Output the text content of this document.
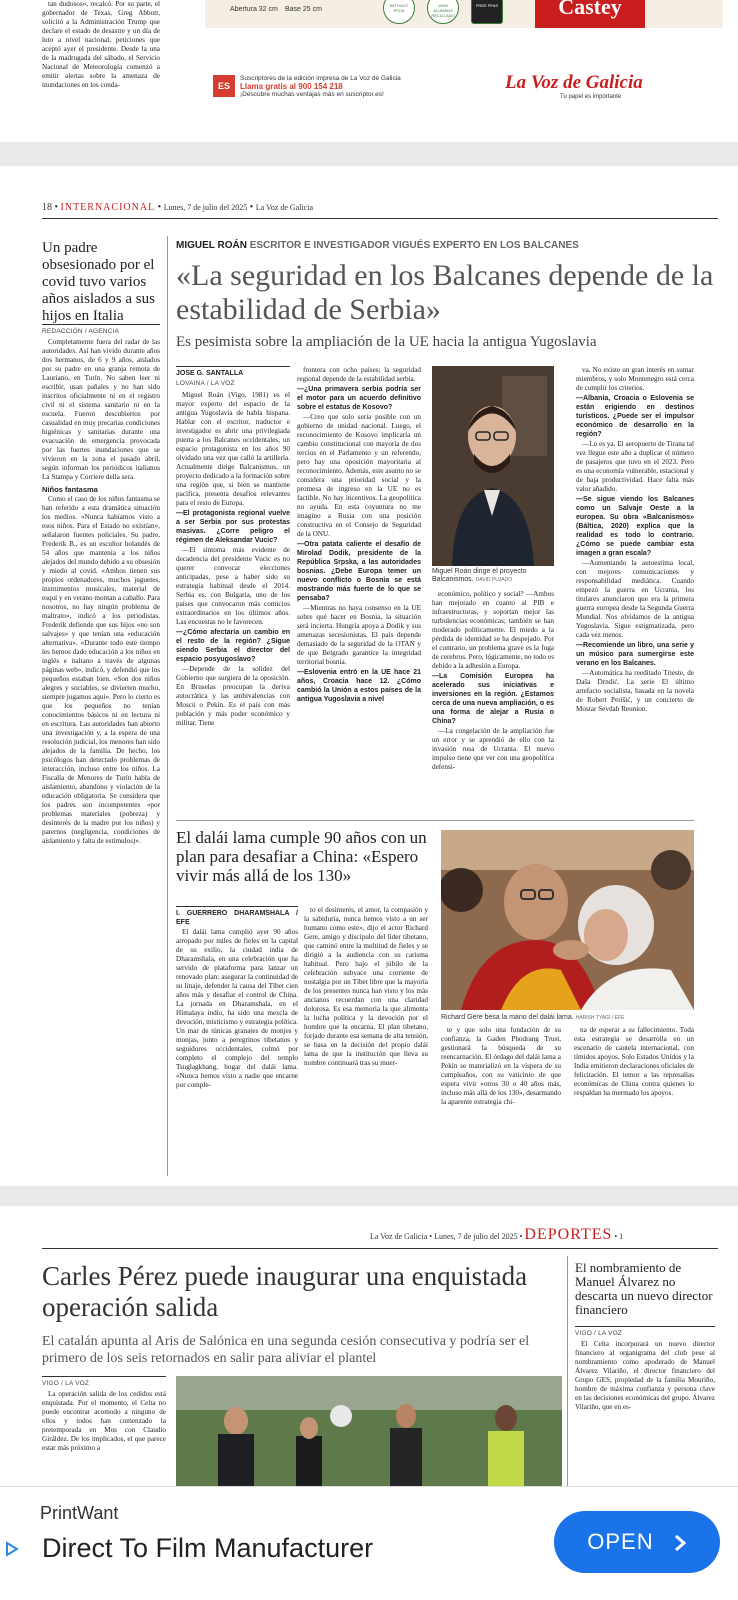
tan dudosos», recalcó. Por su parte, el gobernador de Texas, Greg Abbott, solicitó a la Administración Trump que declare el estado de desastre y un día de luto a nivel nacional, peticiones que aceptó ayer el presidente. Desde la una de la madrugada del sábado, el Servicio Nacional de Meteorología comenzó a emitir alertas sobre la amenaza de inundaciones en los conda-

Abertura 32 cm Base 25 cm
WITHOUT PFOA
100% ALUMINIO RECICLADO
FREE PFAS	Castey
Red
ES
Suscriptores de la edición impresa de La Voz de Galicia
Llama gratis al 900 154 218
¡Descubre muchas ventajas más en suscriptor.es!
La Voz de Galicia
Tu papel es importante
18 • INTERNACIONAL • Lunes, 7 de julio del 2025 • La Voz de Galicia
Un padre obsesionado por el covid tuvo varios años aislados a sus hijos en Italia
REDACCIÓN / AGENCIA

Completamente fuera del radar de las autoridades. Así han vivido durante años dos hermanos, de 6 y 9 años, aislados por su padre en una granja remota de Lauriano, en Turín. No saben leer ni escribir, usan pañales y no han sido inscritos oficialmente ni en el registro civil ni el sistema sanitario ni en la escuela. Fueron descubiertos por casualidad en muy precarias condiciones higiénicas y sanitarias durante una evacuación de emergencia provocada por las fuertes inundaciones que se vivieron en la zona el pasado abril, según informan los periódicos italianos La Stampa y Corriere della sera.

Niños fantasma

Como el caso de los niños fantasma se han referido a esta dramática situación los medios. «Nunca habíamos visto a esos niños. Para el Estado no existían», señalaron fuentes policiales. Su padre, Frederik B., es un escultor holandés de 54 años que mantenía a los niños alejados del mundo debido a su obsesión y miedo al covid. «Ambos tienen sus propios ordenadores, muchos juguetes, instrumentos musicales, material de esquí y en verano montan a caballo. Para nosotros, no hay ningún problema de maltrato», indicó a los periodistas. Frederik defiende que sus hijos «no son salvajes» y que tenían una «educación alternativa». «Durante todo este tiempo les hemos dado educación a los niños en inglés e italiano a través de algunas páginas web», indicó, y defendió que los pequeños estaban bien. «Son dos niños alegres y sociables, se divierten mucho, siempre jugamos aquí». Pero lo cierto es que los pequeños no tenían conocimientos básicos ni en lectura ni en escritura. Las autoridades han abierto una investigación y, a la espera de una resolución judicial, los menores han sido alejados de la familia. De hecho, los psicólogos han detectado problemas de interacción, incluso entre los niños. La Fiscalía de Menores de Turín habla de aislamiento, abandono y violación de la educación obligatoria. Se considera que los padres son incompetentes «por problemas materiales (pobreza) y desinterés de la madre por los niños) y paternos (negligencia, condiciones de aislamiento y falta de estímulos)».

MIGUEL ROÁN ESCRITOR E INVESTIGADOR VIGUÉS EXPERTO EN LOS BALCANES
«La seguridad en los Balcanes depende de la estabilidad de Serbia»
Es pesimista sobre la ampliación de la UE hacia la antigua Yugoslavia
JOSE G. SANTALLA
LOVAINA / LA VOZ

Miguel Roán (Vigo, 1981) es el mayor experto del espacio de la antigua Yugoslavia de habla hispana. Hablar con el escritor, traductor e investigador es abrir una privilegiada puerta a los Balcanes occidentales, un espacio protagonista en los años 90 olvidado una vez que calló la artillería. Actualmente dirige Balcanismos, un proyecto dedicado a la formación sobre una región que, si bien se mantiene pacífica, presenta desafíos relevantes para el resto de Europa.

—El protagonista regional vuelve a ser Serbia por sus protestas masivas. ¿Corre peligro el régimen de Aleksandar Vucic?

—El síntoma más evidente de decadencia del presidente Vucic es no querer convocar elecciones anticipadas, pese a haber sido su estrategia habitual desde el 2014. Serbia es, con Bulgaria, uno de los países que convocaron más comicios extraordinarios en los últimos años. Las encuestas no le favorecen.

—¿Cómo afectaría un cambio en el resto de la región? ¿Sigue siendo Serbia el director del espacio posyugoslavo?

—Depende de la solidez del Gobierno que surgiera de la oposición. En Bruselas preocupan la deriva autocrática y las ambivalencias con Moscú o Pekín. Es el país con más población y más poder económico y militar. Tiene

frontera con ocho países; la seguridad regional depende de la estabilidad serbia.

—¿Una primavera serbia podría ser el motor para un acuerdo definitivo sobre el estatus de Kosovo?

—Creo que solo sería posible con un gobierno de unidad nacional. Luego, el reconocimiento de Kosovo implicaría un cambio constitucional con mayoría de dos tercios en el Parlamento y un referendo, pero hay una oposición mayoritaria al reconocimiento. Además, este asunto no se considera una prioridad social y la promesa de ingreso en la UE no es factible. No hay incentivos. La geopolítica no ayuda. En esta coyuntura no me imagino a Rusia con una posición constructiva en el Consejo de Seguridad de la ONU.

—Otra patata caliente el desafío de Mirolad Dodik, presidente de la República Srpska, a las autoridades bosnias. ¿Debe Europa temer un nuevo conflicto o Bosnia se está mostrando más fuerte de lo que se pensaba?

—Mientras no haya consenso en la UE sobre qué hacer en Bosnia, la situación será incierta. Hungría apoya a Dodik y sus amenazas secesionistas. El país depende demasiado de la seguridad de la OTAN y de que Belgrado garantice la integridad territorial bosnia.

—Eslovenia entró en la UE hace 21 años, Croacia hace 12. ¿Cómo cambió la Unión a estos países de la antigua Yugoslavia a nivel

Miguel Roán dirige el proyecto Balcanismos. DAVID PUJADO

económico, político y social? —Ambos han mejorado en cuanto al PIB e infraestructuras, y soportan mejor las turbulencias económicas; también se han moderado políticamente. El miedo a la pérdida de identidad se ha despejado. Por el contrario, un problema grave es la fuga de cerebros. Pero, lógicamente, no todo es debido a la adhesión a Europa.

—La Comisión Europea ha acelerado sus iniciativas e inversiones en la región. ¿Estamos cerca de una nueva ampliación, o es una forma de alejar a Rusia o China?

—La congelación de la ampliación fue un error y se aprendió de ello con la invasión rusa de Ucrania. El nuevo impulso tiene que ver con una geopolítica defensi-

va. No existe un gran interés en sumar miembros, y solo Montenegro está cerca de cumplir los criterios.

—Albania, Croacia o Eslovenia se están erigiendo en destinos turísticos. ¿Puede ser el impulsor económico de desarrollo en la región?

—Lo es ya. El aeropuerto de Tirana tal vez llegue este año a duplicar el número de pasajeros que tuvo en el 2023. Pero es una economía vulnerable, estacional y de baja productividad. Hace falta más valor añadido.

—Se sigue viendo los Balcanes como un Salvaje Oeste a la europea. Su obra «Balcanismos» (Báltica, 2020) explica que la realidad es todo lo contrario. ¿Cómo se puede cambiar esta imagen a gran escala?

—Aumentando la autoestima local, con mejores comunicaciones y responsabilidad mediática. Cuando empezó la guerra en Ucrania, los titulares anunciaron que era la primera guerra europea desde la Segunda Guerra Mundial. Nos olvidamos de la antigua Yugoslavia. Sigue estigmatizada, pero cada vez menos.

—Recomiende un libro, una serie y un músico para sumergirse este verano en los Balcanes.

—Automática ha reeditado Trieste, de Daša Drndić. La serie El último artefacto socialista, basada en la novela de Robert Perišić, y un concierto de Mostar Sevdah Reunion.

El dalái lama cumple 90 años con un plan para desafiar a China: «Espero vivir más allá de los 130»
I. GUERRERO DHARAMSHALA / EFE

El dalái lama cumplió ayer 90 años arropado por miles de fieles en la capital de su exilio, la ciudad india de Dharamshala, en una celebración que ha servido de plataforma para lanzar un renovado plan: asegurar la continuidad de su linaje, defender la causa del Tíbet cien años más y desafiar el control de China. La jornada en Dharamshala, en el Himalaya indio, ha sido una mezcla de devoción, misticismo y estrategia política. Un mar de túnicas granates de monjes y monjas, junto a peregrinos tibetanos y seguidores occidentales, colmó por completo el complejo del templo Tsuglagkhang, hogar del dalái lama. «Nunca hemos visto a nadie que encarne por comple-

to el desinterés, el amor, la compasión y la sabiduría, nunca hemos visto a un ser humano como este», dijo el actor Richard Gere, amigo y discípulo del líder tibetano, que caminó entre la multitud de fieles y se dirigió a la audiencia con su carisma habitual. Pero bajo el júbilo de la celebración subyace una corriente de nostalgia por un Tíbet libre que la mayoría de los presentes nunca han visto y los más ancianos recuerdan con una claridad dolorosa. Es esa memoria la que alimenta la lucha política y la devoción por el hombre que la encarna. El plan tibetano, forjado durante esa semana de alta tensión, se basa en la decisión del propio dalái lama de que la institución que lleva su nombre continuará tras su muer-

Richard Gere besa la mano del dalái lama. HARISH TYAGI / EFE

te y que solo una fundación de su confianza, la Gaden Phodrang Trust, gestionará la búsqueda de su reencarnación. El órdago del dalái lama a Pekín se materializó en la víspera de su cumpleaños, con su vaticinio de que espera vivir «otros 30 o 40 años más, incluso más allá de los 130», desarmando la aparente estrategia chi-

na de esperar a su fallecimiento. Toda esta estrategia se desarrolla en un escenario de cautela internacional, con tímidos apoyos. Solo Estados Unidos y la India emitieron declaraciones oficiales de felicitación. El temor a las represalias económicas de China contra quienes lo respaldan ha mermado los apoyos.

La Voz de Galicia • Lunes, 7 de julio del 2025 • DEPORTES • 1
Carles Pérez puede inaugurar una enquistada operación salida
El catalán apunta al Aris de Salónica en una segunda cesión consecutiva y podría ser el primero de los seis retornados en salir para aliviar el plantel
VIGO / LA VOZ

La operación salida de los cedidos está enquistada. Por el momento, el Celta no puede encontrar acomodo a ninguno de ellos y todos han comenzado la pretemporada en Mos con Claudio Giráldez. De los implicados, el que parece estar más próximo a

El nombramiento de Manuel Álvarez no descarta un nuevo director financiero
VIGO / LA VOZ

El Celta incorporará un nuevo director financiero al organigrama del club pese al nombramiento como apoderado de Manuel Álvarez Vilariño, el director financiero del Grupo GES, propiedad de la familia Mouriño, hombre de máxima confianza y persona clave en las decisiones económicas del grupo. Álvarez Vilariño, que en es-

PrintWant
Direct To Film Manufacturer	OPEN
